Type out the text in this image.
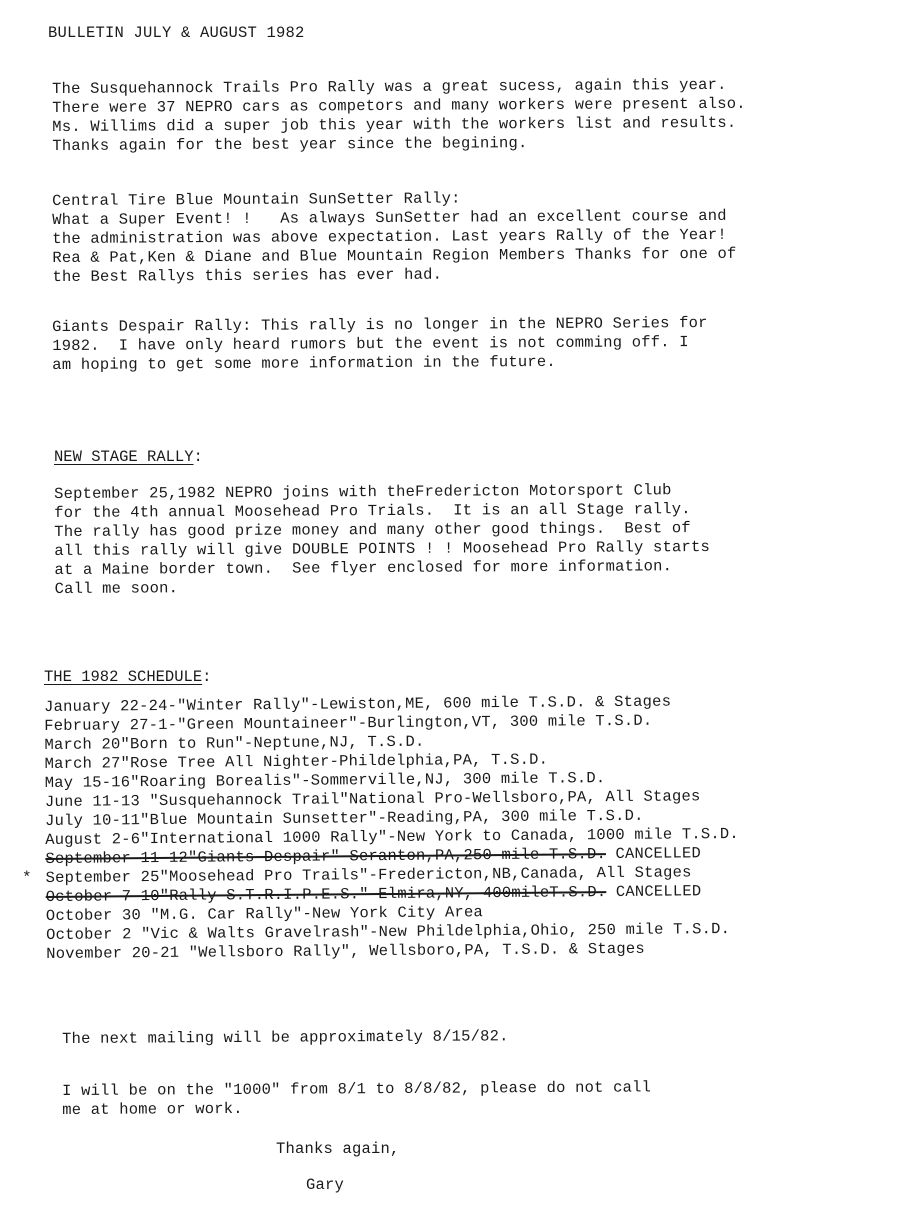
BULLETIN JULY & AUGUST 1982
The Susquehannock Trails Pro Rally was a great sucess, again this year.
There were 37 NEPRO cars as competors and many workers were present also.
Ms. Willims did a super job this year with the workers list and results.
Thanks again for the best year since the begining.
Central Tire Blue Mountain SunSetter Rally:
What a Super Event! !   As always SunSetter had an excellent course and
the administration was above expectation. Last years Rally of the Year!
Rea & Pat,Ken & Diane and Blue Mountain Region Members Thanks for one of
the Best Rallys this series has ever had.
Giants Despair Rally: This rally is no longer in the NEPRO Series for
1982.  I have only heard rumors but the event is not comming off. I
am hoping to get some more information in the future.
NEW STAGE RALLY:
September 25,1982 NEPRO joins with theFredericton Motorsport Club
for the 4th annual Moosehead Pro Trials.  It is an all Stage rally.
The rally has good prize money and many other good things.  Best of
all this rally will give DOUBLE POINTS ! ! Moosehead Pro Rally starts
at a Maine border town.  See flyer enclosed for more information.
Call me soon.
THE 1982 SCHEDULE:
*
January 22-24-"Winter Rally"-Lewiston,ME, 600 mile T.S.D. & Stages
February 27-1-"Green Mountaineer"-Burlington,VT, 300 mile T.S.D.
March 20"Born to Run"-Neptune,NJ, T.S.D.
March 27"Rose Tree All Nighter-Phildelphia,PA, T.S.D.
May 15-16"Roaring Borealis"-Sommerville,NJ, 300 mile T.S.D.
June 11-13 "Susquehannock Trail"National Pro-Wellsboro,PA, All Stages
July 10-11"Blue Mountain Sunsetter"-Reading,PA, 300 mile T.S.D.
August 2-6"International 1000 Rally"-New York to Canada, 1000 mile T.S.D.
September-11-12"Giants-Despair"-Seranton,PA,250-mile-T.S.D. CANCELLED
September 25"Moosehead Pro Trails"-Fredericton,NB,Canada, All Stages
October-7-10"Rally-S.T.R.I.P.E.S."-Elmira,NY,-400mileT.S.D. CANCELLED
October 30 "M.G. Car Rally"-New York City Area
October 2 "Vic & Walts Gravelrash"-New Phildelphia,Ohio, 250 mile T.S.D.
November 20-21 "Wellsboro Rally", Wellsboro,PA, T.S.D. & Stages
The next mailing will be approximately 8/15/82.
I will be on the "1000" from 8/1 to 8/8/82, please do not call
me at home or work.
Thanks again,
Gary
